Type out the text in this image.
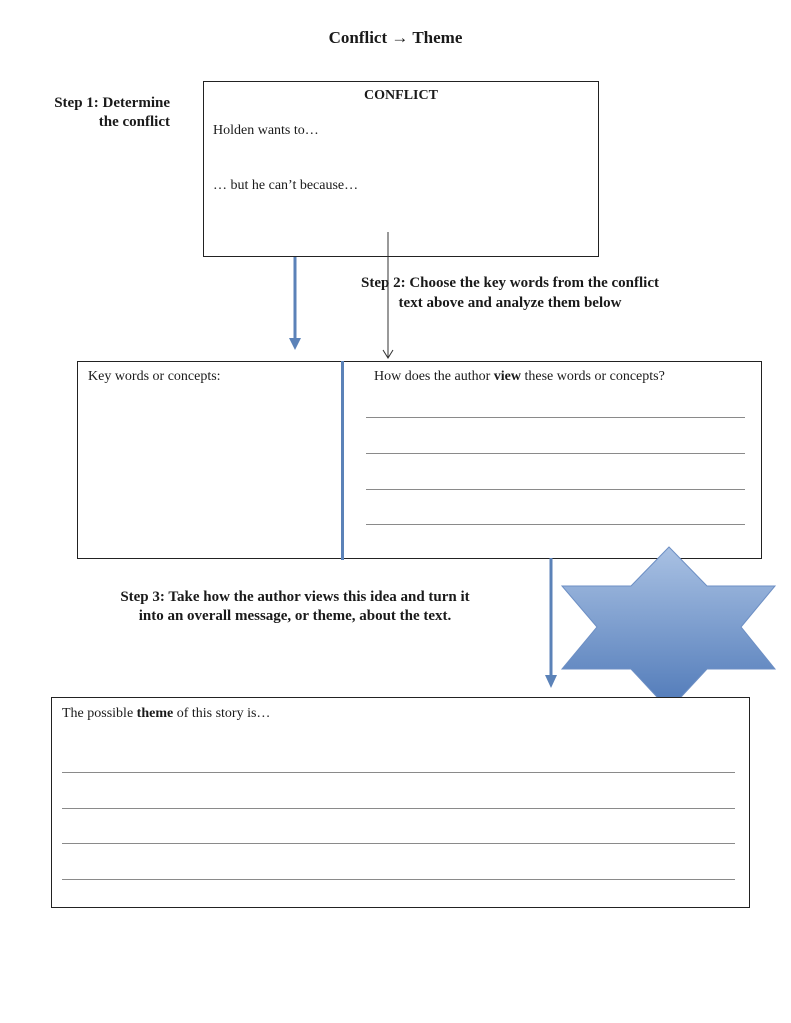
Conflict → Theme
Step 1: Determine
the conflict
CONFLICT
Holden wants to…
… but he can’t because…
Step 2: Choose the key words from the conflict
text above and analyze them below
Key words or concepts:	How does the author view these words or concepts?
Step 3: Take how the author views this idea and turn it
into an overall message, or theme, about the text.
The possible theme of this story is…
